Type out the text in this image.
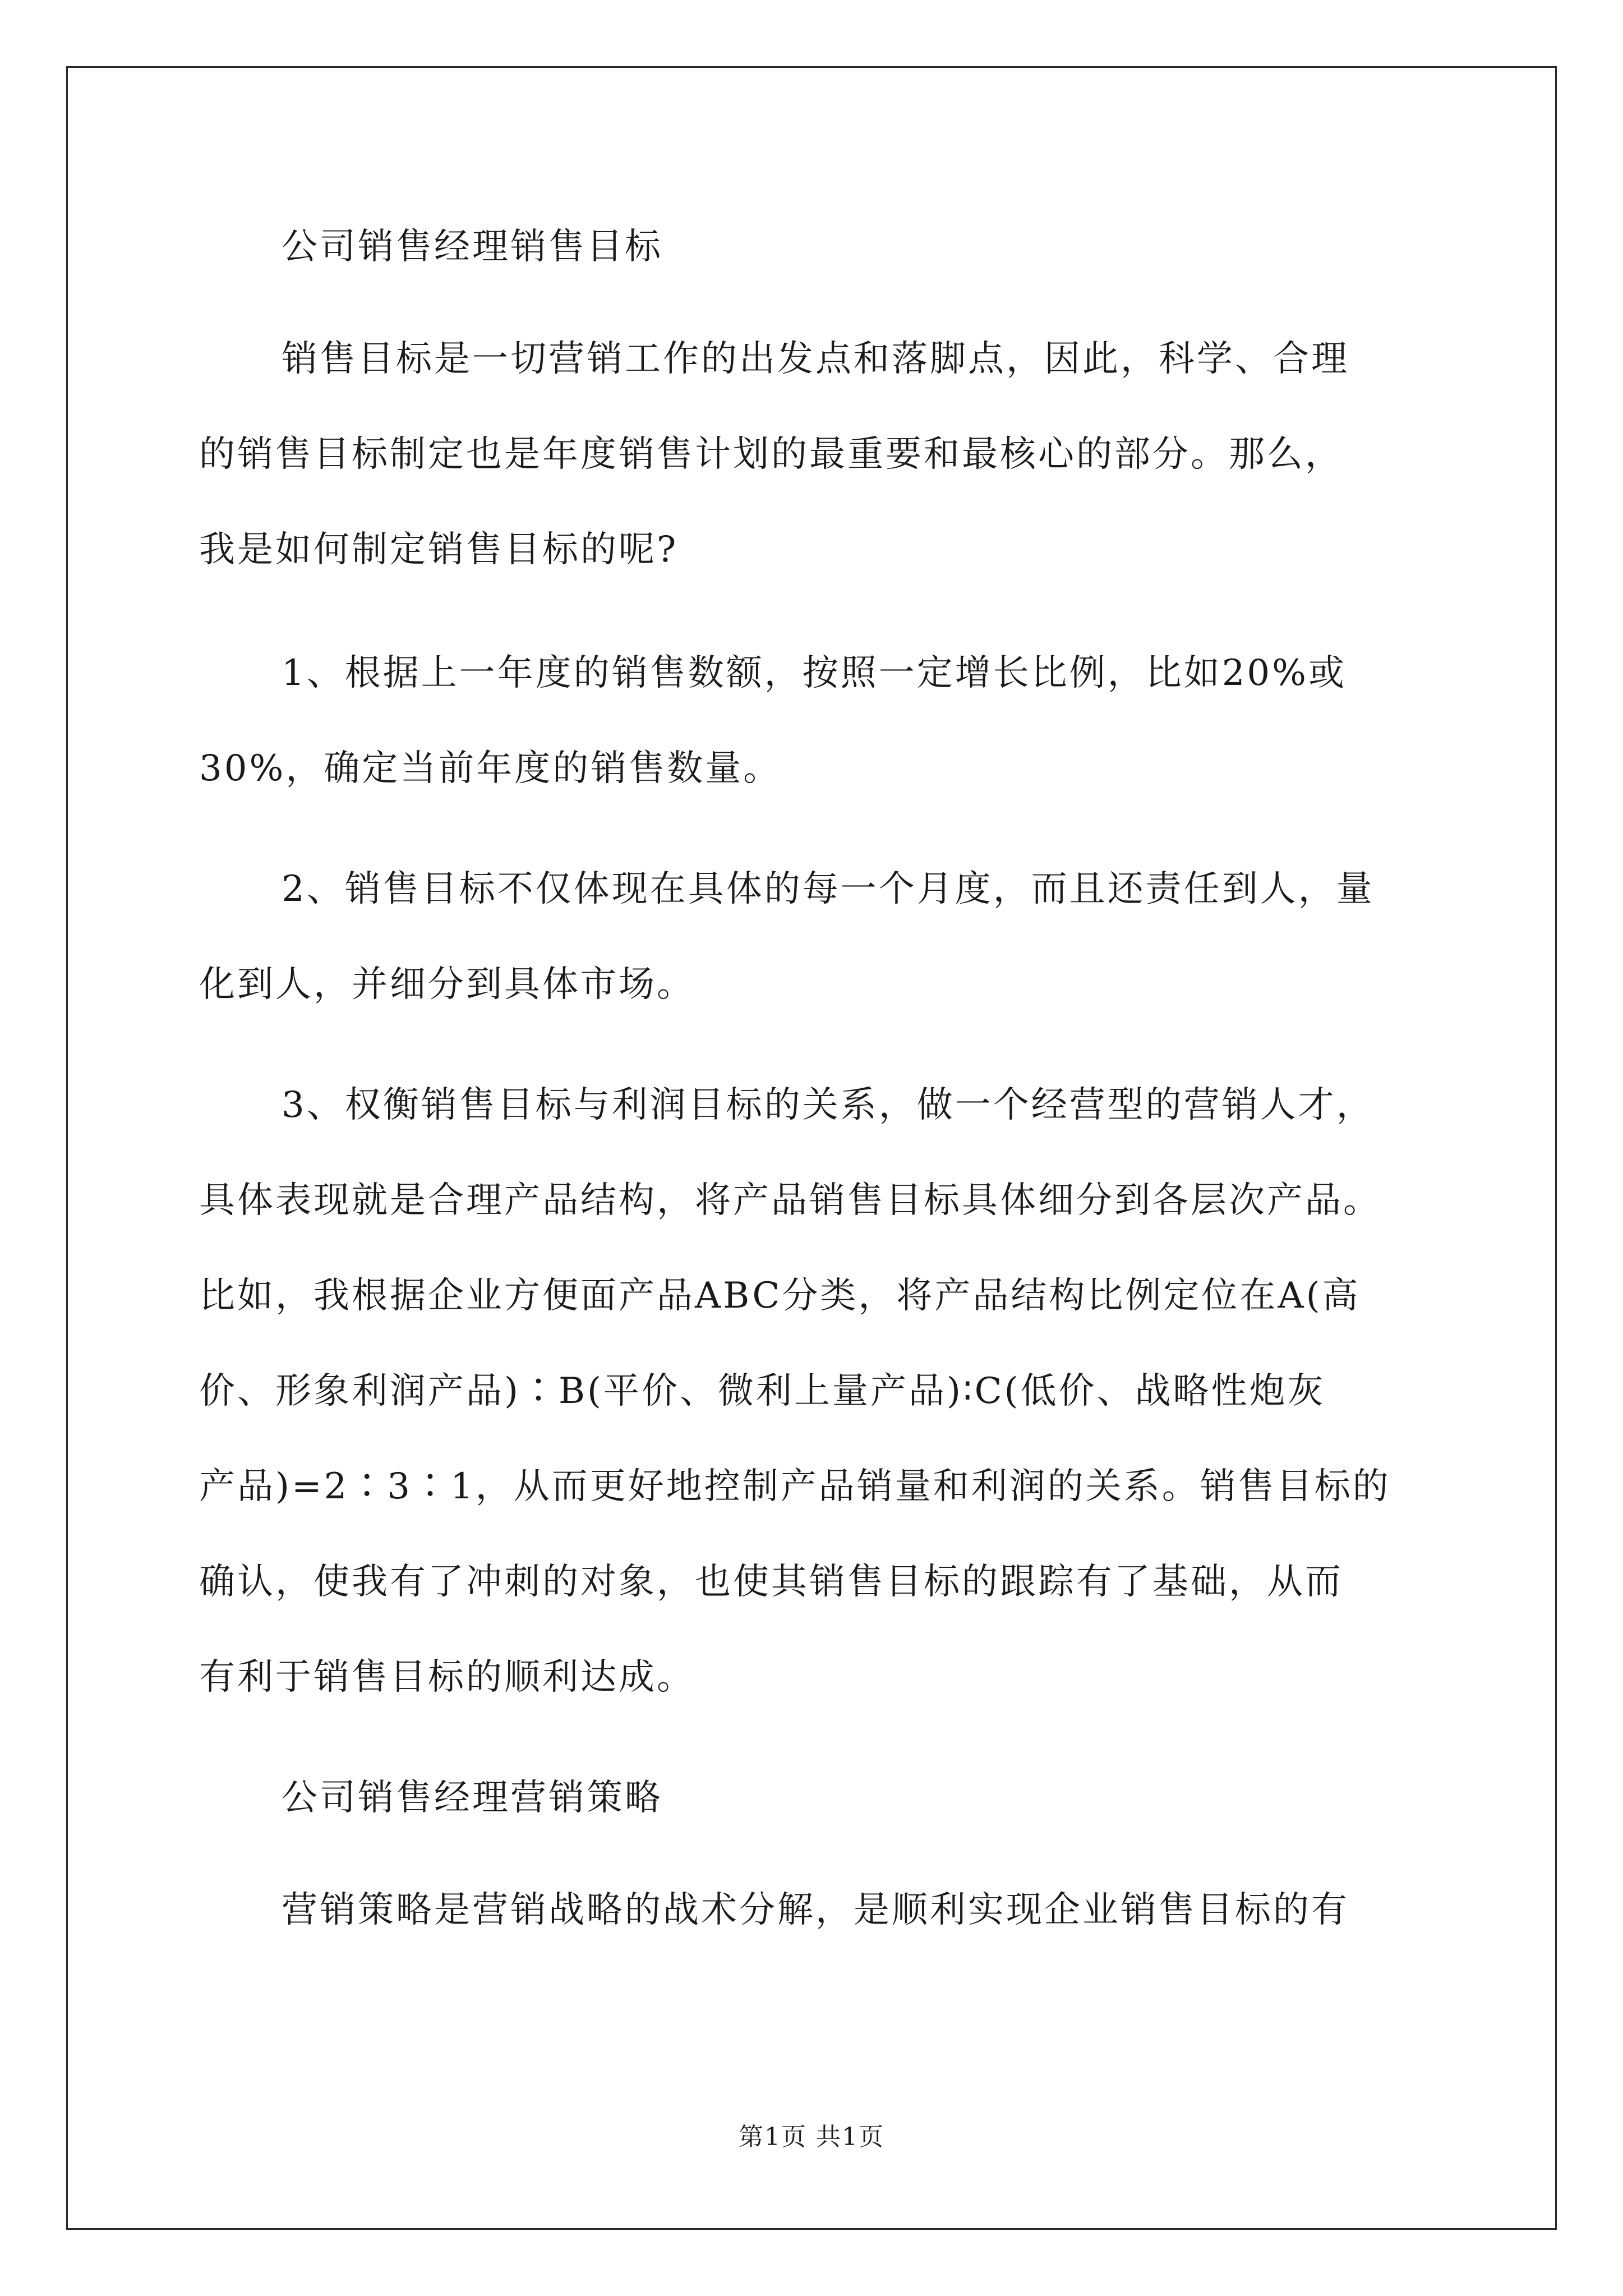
公司销售经理销售目标
销售目标是一切营销工作的出发点和落脚点，因此，科学、合理
的销售目标制定也是年度销售计划的最重要和最核心的部分。那么，
我是如何制定销售目标的呢?
1、根据上一年度的销售数额，按照一定增长比例，比如20%或
30%，确定当前年度的销售数量。
2、销售目标不仅体现在具体的每一个月度，而且还责任到人，量
化到人，并细分到具体市场。
3、权衡销售目标与利润目标的关系，做一个经营型的营销人才，
具体表现就是合理产品结构，将产品销售目标具体细分到各层次产品。
比如，我根据企业方便面产品ABC分类，将产品结构比例定位在A(高
价、形象利润产品)∶B(平价、微利上量产品)∶C(低价、战略性炮灰
产品)=2∶3∶1，从而更好地控制产品销量和利润的关系。销售目标的
确认，使我有了冲刺的对象，也使其销售目标的跟踪有了基础，从而
有利于销售目标的顺利达成。
公司销售经理营销策略
营销策略是营销战略的战术分解，是顺利实现企业销售目标的有
第1页 共1页
